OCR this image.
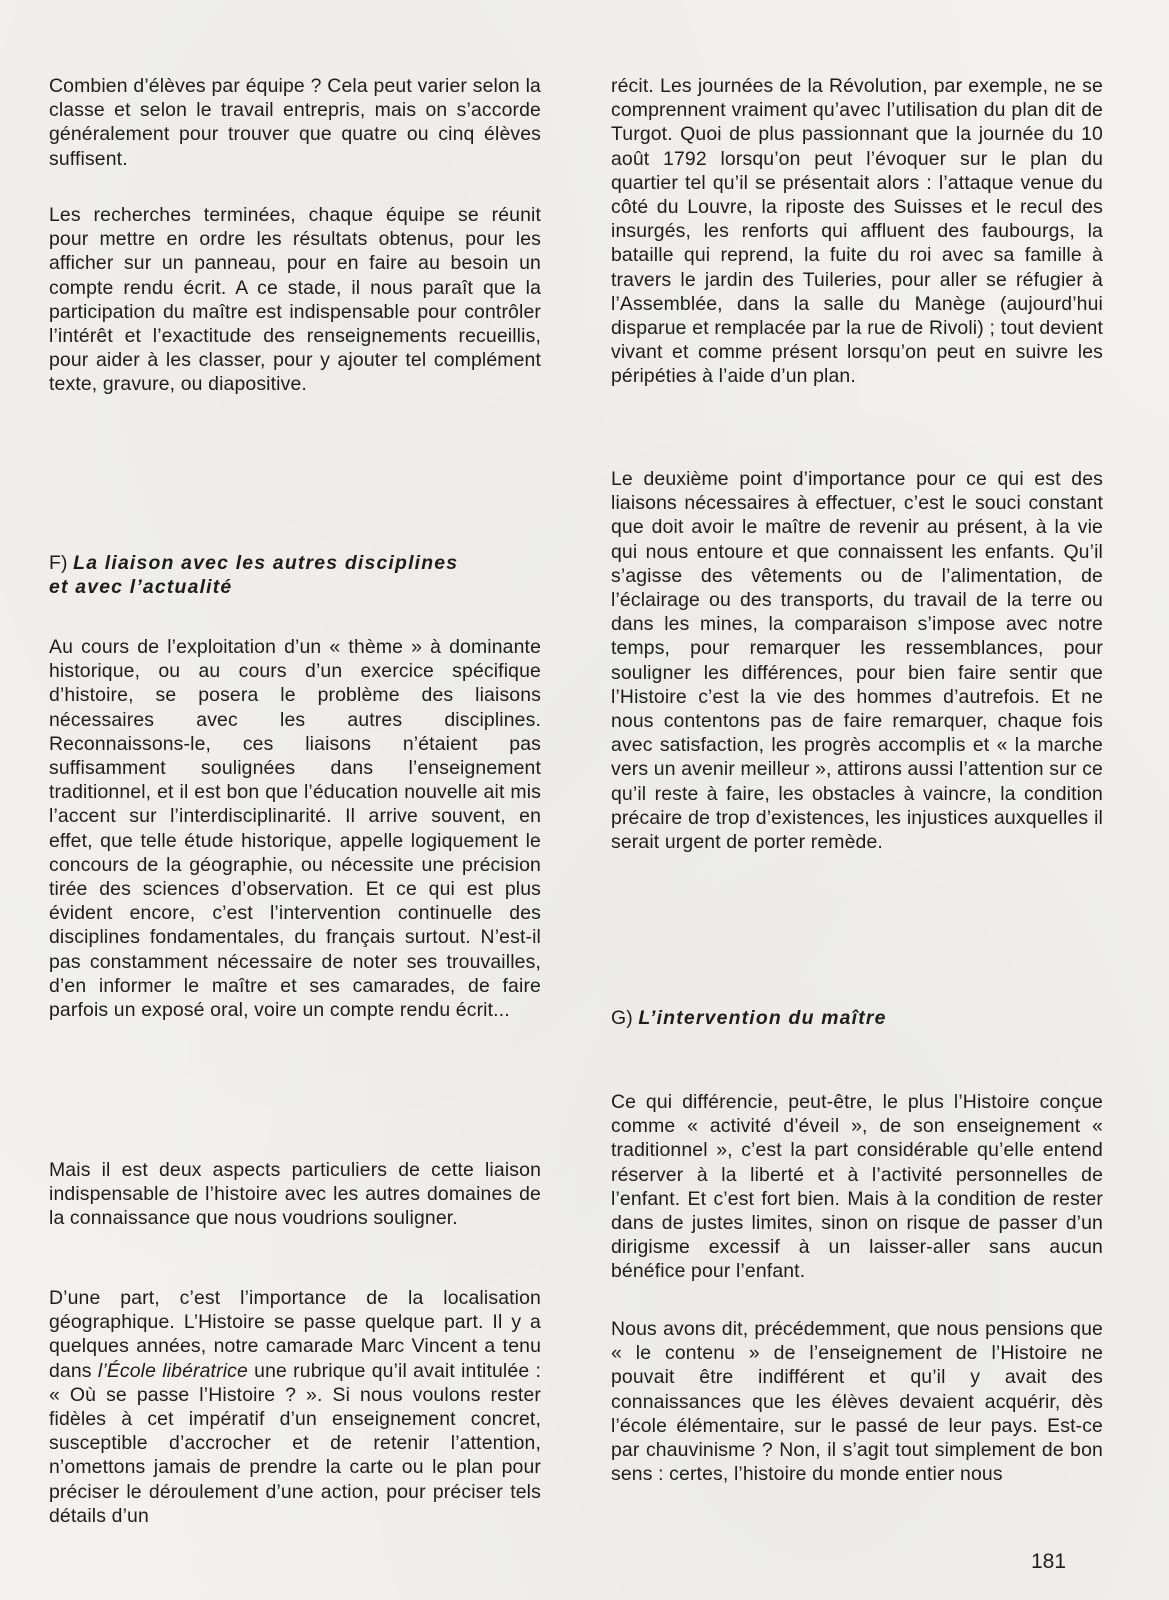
Combien d’élèves par équipe ? Cela peut varier selon la classe et selon le travail entrepris, mais on s’accorde généralement pour trouver que quatre ou cinq élèves suffisent.

Les recherches terminées, chaque équipe se réunit pour mettre en ordre les résultats obtenus, pour les afficher sur un panneau, pour en faire au besoin un compte rendu écrit. A ce stade, il nous paraît que la participation du maître est indispensable pour contrôler l’intérêt et l’exactitude des renseignements recueillis, pour aider à les classer, pour y ajouter tel complément texte, gravure, ou diapositive.

F) La liaison avec les autres disciplines
et avec l’actualité

Au cours de l’exploitation d’un « thème » à dominante historique, ou au cours d’un exercice spécifique d’histoire, se posera le problème des liaisons nécessaires avec les autres disciplines. Reconnaissons-le, ces liaisons n’étaient pas suffisamment soulignées dans l’enseignement traditionnel, et il est bon que l’éducation nouvelle ait mis l’accent sur l’interdisciplinarité. Il arrive souvent, en effet, que telle étude historique, appelle logiquement le concours de la géographie, ou nécessite une précision tirée des sciences d’observation. Et ce qui est plus évident encore, c’est l’intervention continuelle des disciplines fondamentales, du français surtout. N’est-il pas constamment nécessaire de noter ses trouvailles, d’en informer le maître et ses camarades, de faire parfois un exposé oral, voire un compte rendu écrit...

Mais il est deux aspects particuliers de cette liaison indispensable de l’histoire avec les autres domaines de la connaissance que nous voudrions souligner.

D’une part, c’est l’importance de la localisation géographique. L’Histoire se passe quelque part. Il y a quelques années, notre camarade Marc Vincent a tenu dans l’École libératrice une rubrique qu’il avait intitulée : « Où se passe l’Histoire ? ». Si nous voulons rester fidèles à cet impératif d’un enseignement concret, susceptible d’accrocher et de retenir l’attention, n’omettons jamais de prendre la carte ou le plan pour préciser le déroulement d’une action, pour préciser tels détails d’un

récit. Les journées de la Révolution, par exemple, ne se comprennent vraiment qu’avec l’utilisation du plan dit de Turgot. Quoi de plus passionnant que la journée du 10 août 1792 lorsqu’on peut l’évoquer sur le plan du quartier tel qu’il se présentait alors : l’attaque venue du côté du Louvre, la riposte des Suisses et le recul des insurgés, les renforts qui affluent des faubourgs, la bataille qui reprend, la fuite du roi avec sa famille à travers le jardin des Tuileries, pour aller se réfugier à l’Assemblée, dans la salle du Manège (aujourd’hui disparue et remplacée par la rue de Rivoli) ; tout devient vivant et comme présent lorsqu’on peut en suivre les péripéties à l’aide d’un plan.

Le deuxième point d’importance pour ce qui est des liaisons nécessaires à effectuer, c’est le souci constant que doit avoir le maître de revenir au présent, à la vie qui nous entoure et que connaissent les enfants. Qu’il s’agisse des vêtements ou de l’alimentation, de l’éclairage ou des transports, du travail de la terre ou dans les mines, la comparaison s’impose avec notre temps, pour remarquer les ressemblances, pour souligner les différences, pour bien faire sentir que l’Histoire c’est la vie des hommes d’autrefois. Et ne nous contentons pas de faire remarquer, chaque fois avec satisfaction, les progrès accomplis et « la marche vers un avenir meilleur », attirons aussi l’attention sur ce qu’il reste à faire, les obstacles à vaincre, la condition précaire de trop d’existences, les injustices auxquelles il serait urgent de porter remède.

G) L’intervention du maître

Ce qui différencie, peut-être, le plus l’Histoire conçue comme « activité d’éveil », de son enseignement « traditionnel », c’est la part considérable qu’elle entend réserver à la liberté et à l’activité personnelles de l’enfant. Et c’est fort bien. Mais à la condition de rester dans de justes limites, sinon on risque de passer d’un dirigisme excessif à un laisser-aller sans aucun bénéfice pour l’enfant.

Nous avons dit, précédemment, que nous pensions que « le contenu » de l’enseignement de l’Histoire ne pouvait être indifférent et qu’il y avait des connaissances que les élèves devaient acquérir, dès l’école élémentaire, sur le passé de leur pays. Est-ce par chauvinisme ? Non, il s’agit tout simplement de bon sens : certes, l’histoire du monde entier nous

181
